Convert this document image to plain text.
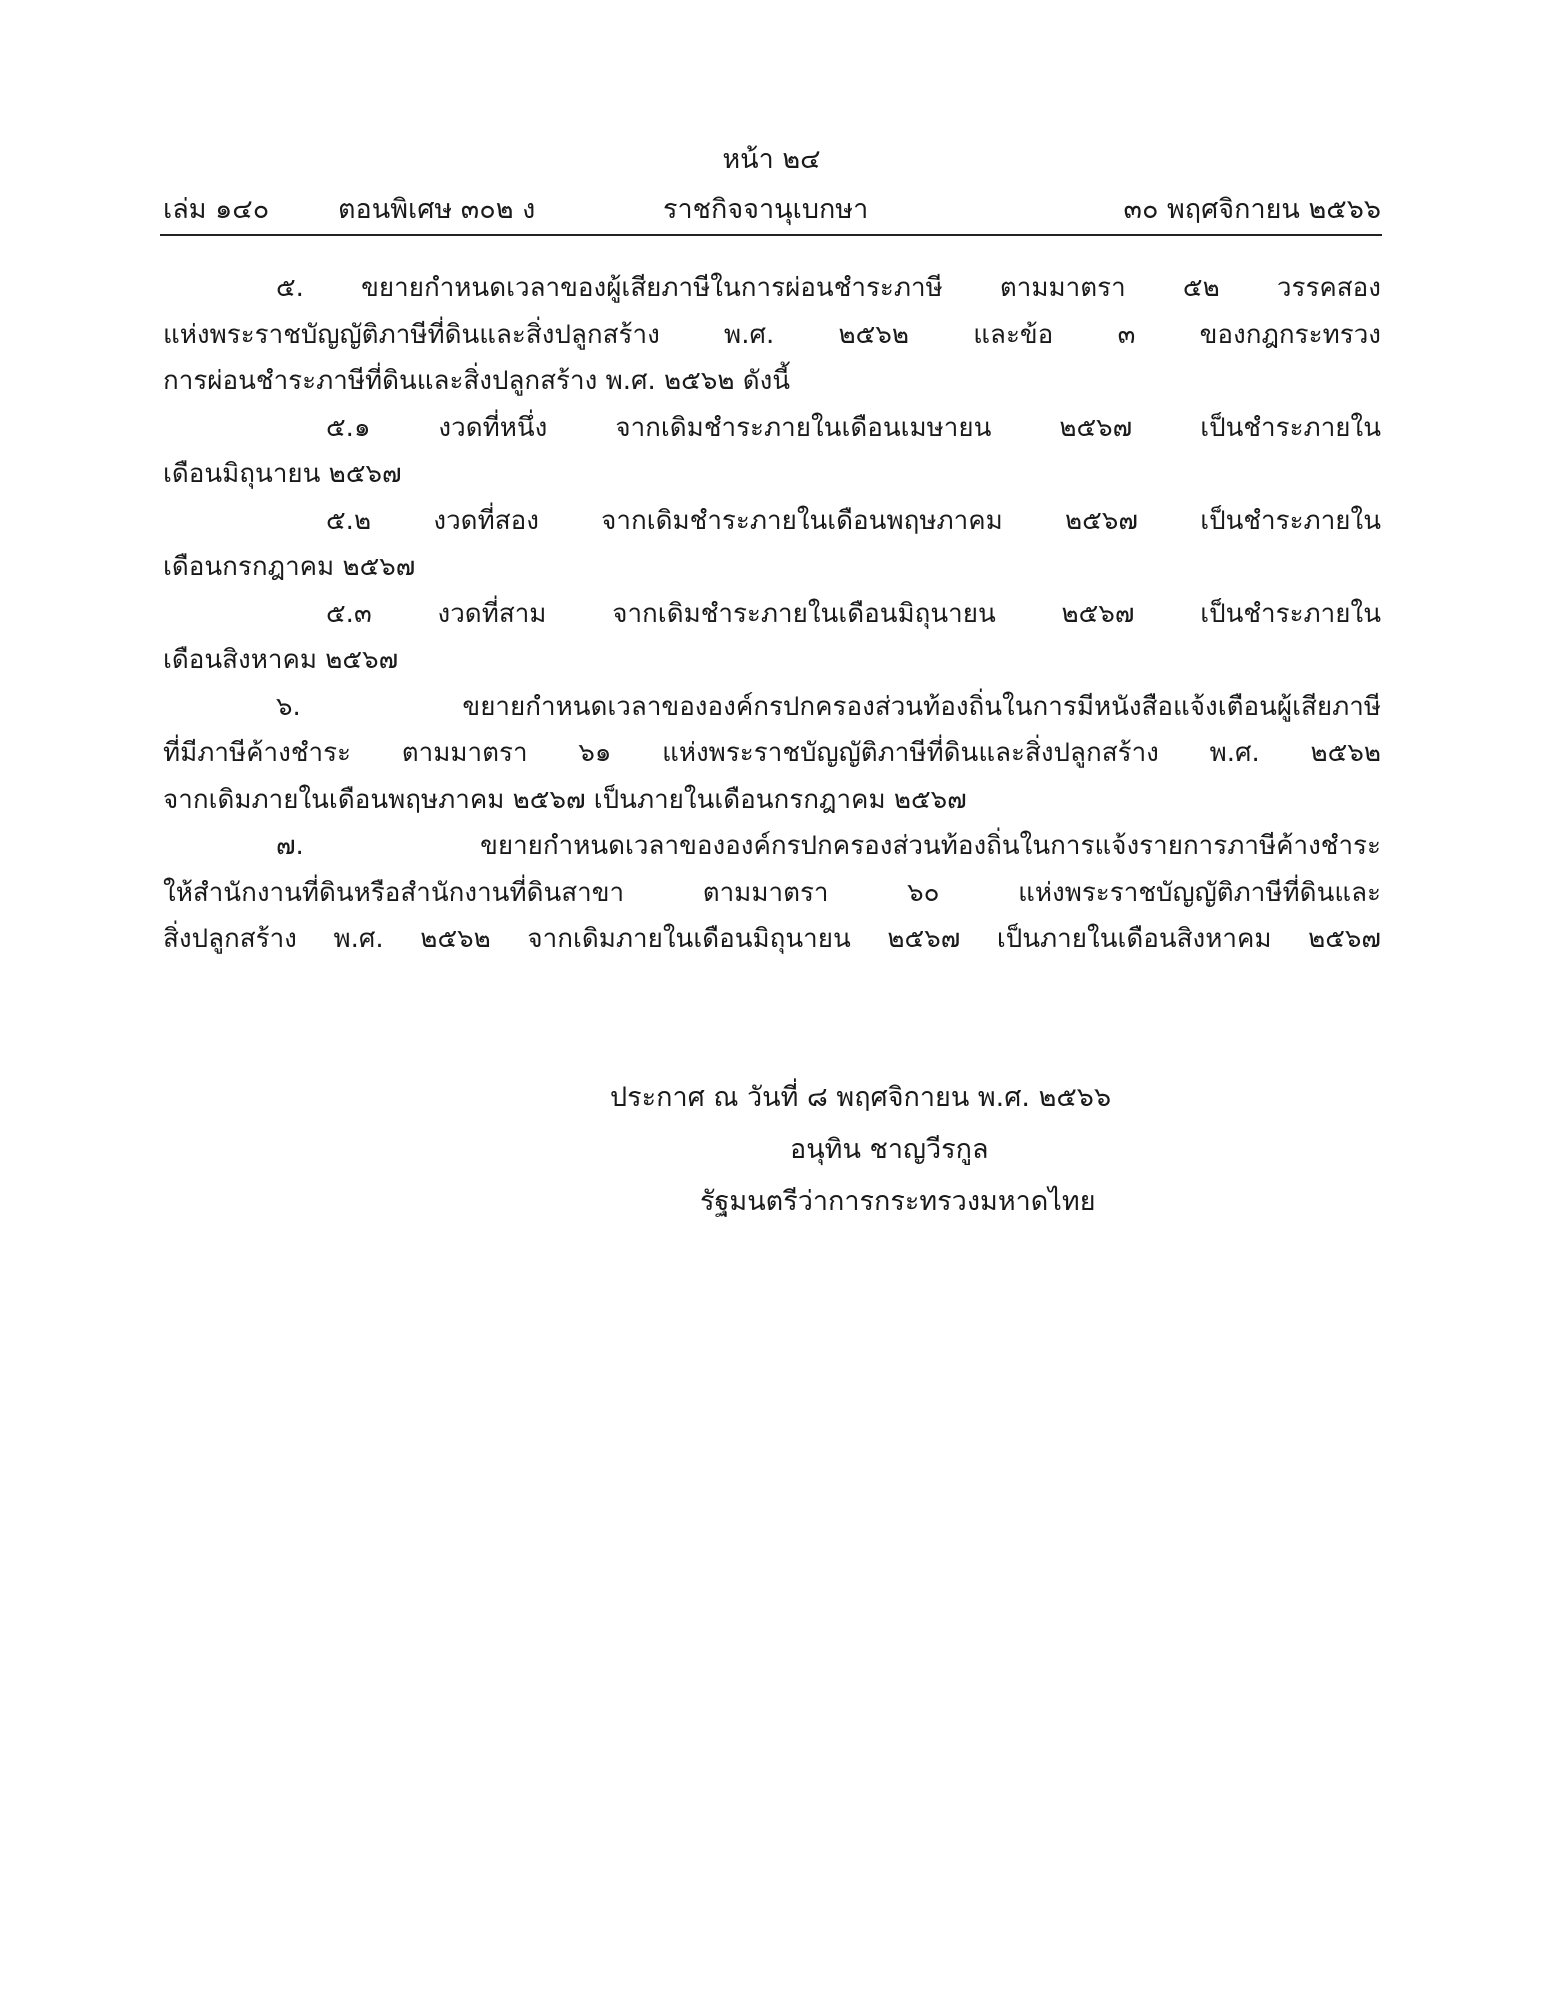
หน้า ๒๔
เล่ม ๑๔๐	ตอนพิเศษ ๓๐๒ ง	ราชกิจจานุเบกษา	๓๐ พฤศจิกายน ๒๕๖๖
๕. ขยายกำหนดเวลาของผู้เสียภาษีในการผ่อนชำระภาษี ตามมาตรา ๕๒ วรรคสอง
แห่งพระราชบัญญัติภาษีที่ดินและสิ่งปลูกสร้าง พ.ศ. ๒๕๖๒ และข้อ ๓ ของกฎกระทรวง
การผ่อนชำระภาษีที่ดินและสิ่งปลูกสร้าง พ.ศ. ๒๕๖๒ ดังนี้
๕.๑ งวดที่หนึ่ง จากเดิมชำระภายในเดือนเมษายน ๒๕๖๗ เป็นชำระภายใน
เดือนมิถุนายน ๒๕๖๗
๕.๒ งวดที่สอง จากเดิมชำระภายในเดือนพฤษภาคม ๒๕๖๗ เป็นชำระภายใน
เดือนกรกฎาคม ๒๕๖๗
๕.๓ งวดที่สาม จากเดิมชำระภายในเดือนมิถุนายน ๒๕๖๗ เป็นชำระภายใน
เดือนสิงหาคม ๒๕๖๗
๖. ขยายกำหนดเวลาขององค์กรปกครองส่วนท้องถิ่นในการมีหนังสือแจ้งเตือนผู้เสียภาษี
ที่มีภาษีค้างชำระ ตามมาตรา ๖๑ แห่งพระราชบัญญัติภาษีที่ดินและสิ่งปลูกสร้าง พ.ศ. ๒๕๖๒
จากเดิมภายในเดือนพฤษภาคม ๒๕๖๗ เป็นภายในเดือนกรกฎาคม ๒๕๖๗
๗. ขยายกำหนดเวลาขององค์กรปกครองส่วนท้องถิ่นในการแจ้งรายการภาษีค้างชำระ
ให้สำนักงานที่ดินหรือสำนักงานที่ดินสาขา ตามมาตรา ๖๐ แห่งพระราชบัญญัติภาษีที่ดินและ
สิ่งปลูกสร้าง พ.ศ. ๒๕๖๒ จากเดิมภายในเดือนมิถุนายน ๒๕๖๗ เป็นภายในเดือนสิงหาคม ๒๕๖๗
ประกาศ ณ วันที่ ๘ พฤศจิกายน พ.ศ. ๒๕๖๖
อนุทิน ชาญวีรกูล
รัฐมนตรีว่าการกระทรวงมหาดไทย
